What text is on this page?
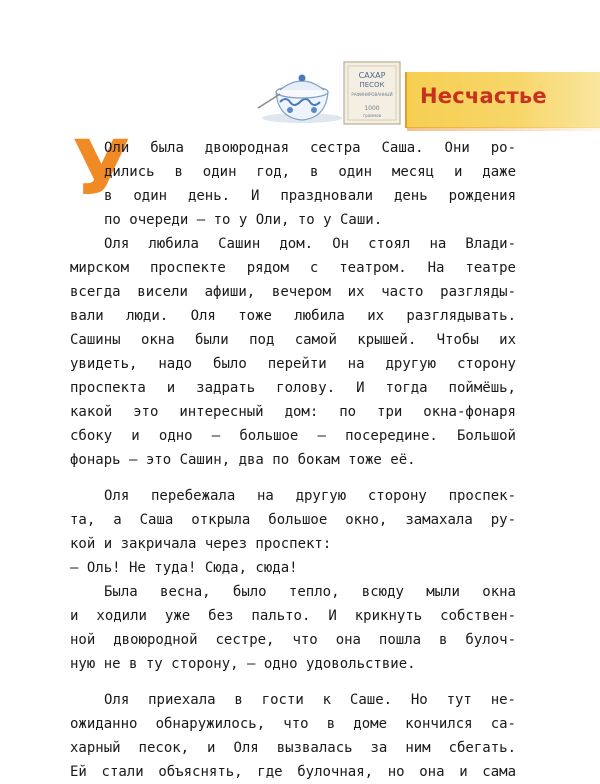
САХАР
ПЕСОК
РАФИНИРОВАННЫЙ
1000
граммов
Несчастье
У
Оли была двоюродная сестра Саша. Они ро-
дились в один год, в один месяц и даже
в один день. И праздновали день рождения
по очереди — то у Оли, то у Саши.
Оля любила Сашин дом. Он стоял на Влади-
мирском проспекте рядом с театром. На театре
всегда висели афиши, вечером их часто разгляды-
вали люди. Оля тоже любила их разглядывать.
Сашины окна были под самой крышей. Чтобы их
увидеть, надо было перейти на другую сторону
проспекта и задрать голову. И тогда поймёшь,
какой это интересный дом: по три окна-фонаря
сбоку и одно — большое — посередине. Большой
фонарь — это Сашин, два по бокам тоже её.
Оля перебежала на другую сторону проспек-
та, а Саша открыла большое окно, замахала ру-
кой и закричала через проспект:
— Оль! Не туда! Сюда, сюда!
Была весна, было тепло, всюду мыли окна
и ходили уже без пальто. И крикнуть собствен-
ной двоюродной сестре, что она пошла в булоч-
ную не в ту сторону, — одно удовольствие.
Оля приехала в гости к Саше. Но тут не-
ожиданно обнаружилось, что в доме кончился са-
харный песок, и Оля вызвалась за ним сбегать.
Ей стали объяснять, где булочная, но она и сама
